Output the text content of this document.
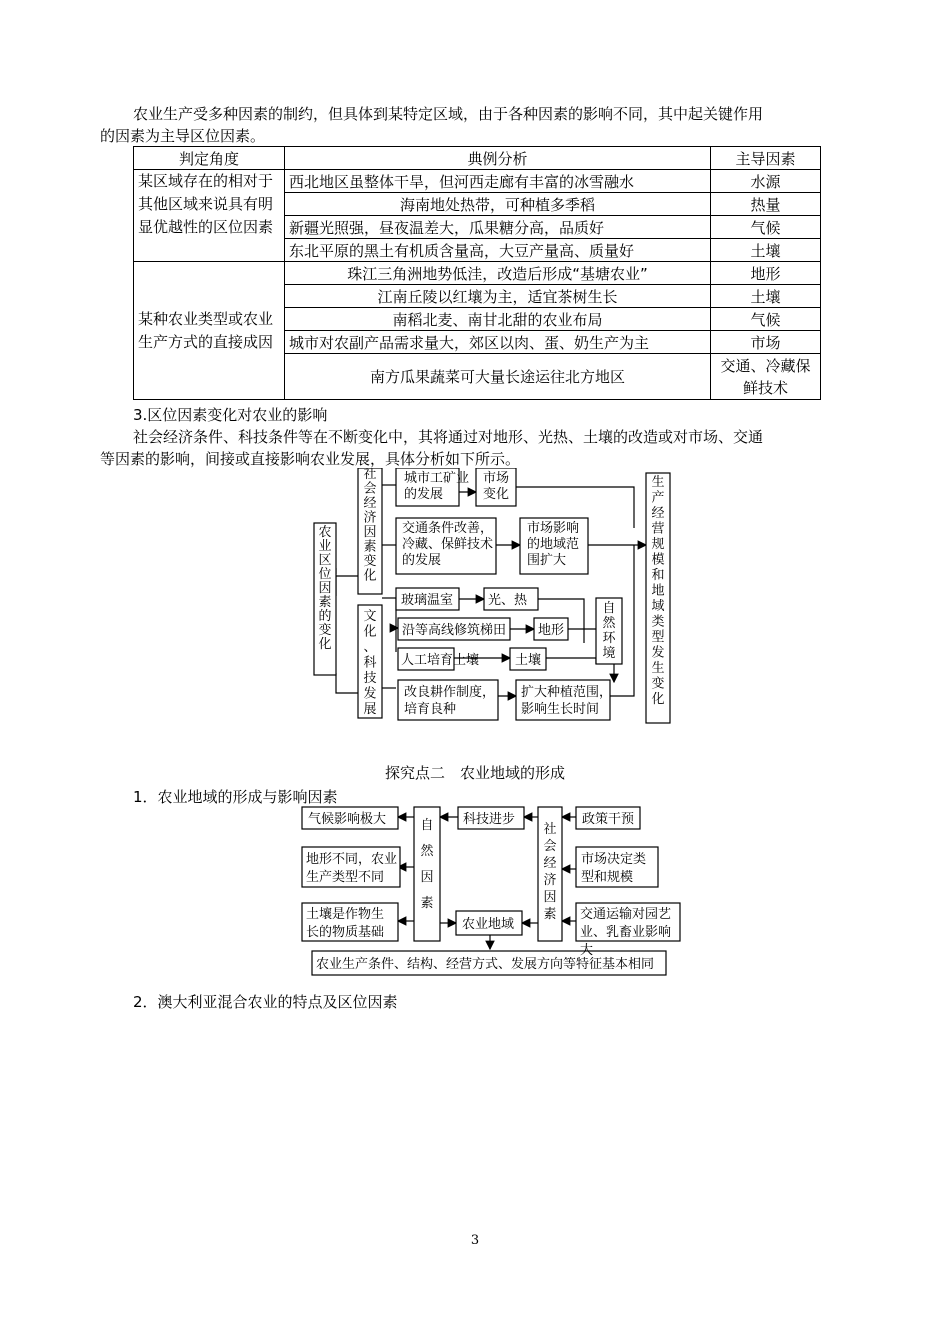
农业生产受多种因素的制约，但具体到某特定区域，由于各种因素的影响不同，其中起关键作用
的因素为主导区位因素。
判定角度	典例分析	主导因素
某区域存在的相对于其他区域来说具有明显优越性的区位因素	西北地区虽整体干旱，但河西走廊有丰富的冰雪融水	水源
	海南地处热带，可种植多季稻	热量
	新疆光照强，昼夜温差大，瓜果糖分高，品质好	气候
	东北平原的黑土有机质含量高，大豆产量高、质量好	土壤
某种农业类型或农业生产方式的直接成因	珠江三角洲地势低洼，改造后形成“基塘农业”	地形
	江南丘陵以红壤为主，适宜茶树生长	土壤
	南稻北麦、南甘北甜的农业布局	气候
	城市对农副产品需求量大，郊区以肉、蛋、奶生产为主	市场
	南方瓜果蔬菜可大量长途运往北方地区	交通、冷藏保鲜技术
3.区位因素变化对农业的影响
社会经济条件、科技条件等在不断变化中，其将通过对地形、光热、土壤的改造或对市场、交通
等因素的影响，间接或直接影响农业发展，具体分析如下所示。
农业区位因素的变化
社会经济因素变化
文化、科技发展
自然环境
生产经营规模和地域类型发生变化
城市工矿业的发展
市场变化
交通条件改善，冷藏、保鲜技术的发展
市场影响的地域范围扩大
玻璃温室	光、热
沿等高线修筑梯田 地形
人工培育土壤	土壤
改良耕作制度，培育良种
扩大种植范围，影响生长时间
探究点二　农业地域的形成
1．农业地域的形成与影响因素
气候影响极大
地形不同，农业生产类型不同
土壤是作物生长的物质基础
自然因素
科技进步
农业地域
社会经济因素
政策干预
市场决定类型和规模
交通运输对园艺业、乳畜业影响大
农业生产条件、结构、经营方式、发展方向等特征基本相同
2．澳大利亚混合农业的特点及区位因素
3
